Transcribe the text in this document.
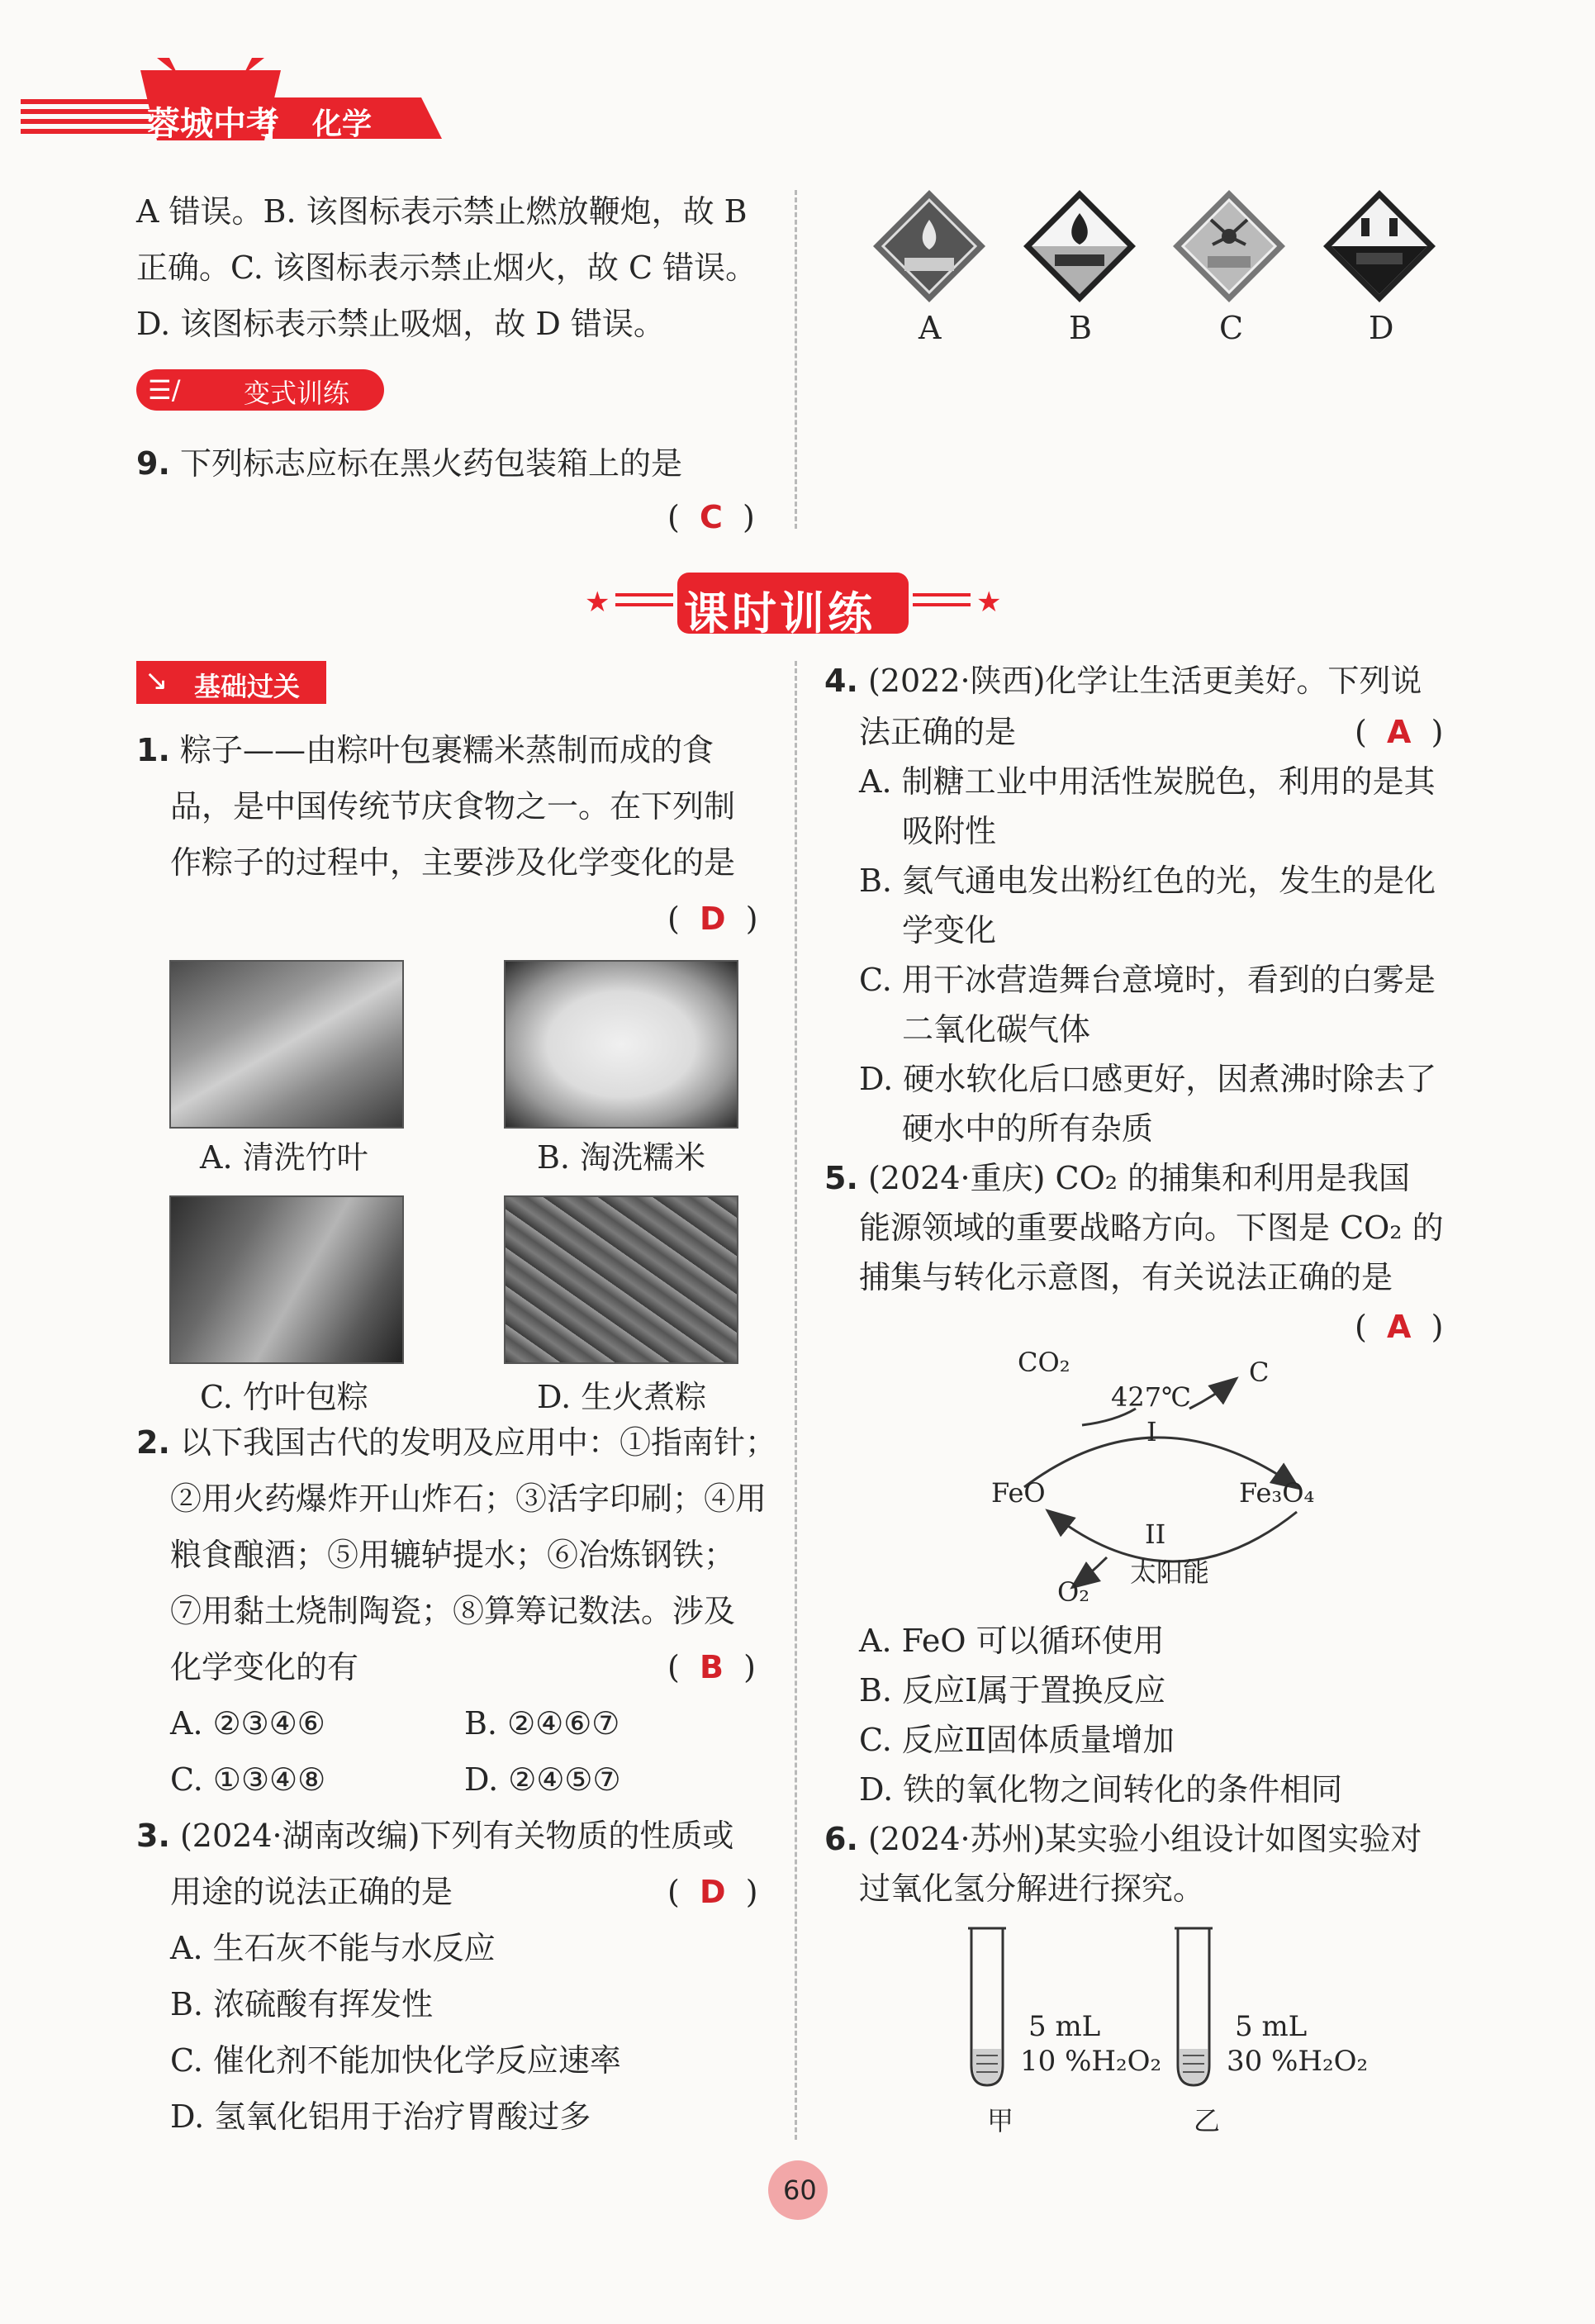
蓉城中考 化学
A 错误。B. 该图标表示禁止燃放鞭炮，故 B
正确。C. 该图标表示禁止烟火，故 C 错误。
D. 该图标表示禁止吸烟，故 D 错误。
☰/ 变式训练
9. 下列标志应标在黑火药包装箱上的是
(  C  )
A	B	C	D
★	★
课时训练
↘ 基础过关
1. 粽子——由粽叶包裹糯米蒸制而成的食
品，是中国传统节庆食物之一。在下列制
作粽子的过程中，主要涉及化学变化的是
(  D  )
A. 清洗竹叶	B. 淘洗糯米
C. 竹叶包粽	D. 生火煮粽
2. 以下我国古代的发明及应用中：①指南针；
②用火药爆炸开山炸石；③活字印刷；④用
粮食酿酒；⑤用辘轳提水；⑥冶炼钢铁；
⑦用黏土烧制陶瓷；⑧算筹记数法。涉及
化学变化的有	(  B  )
A. ②③④⑥	B. ②④⑥⑦
C. ①③④⑧	D. ②④⑤⑦
3. (2024·湖南改编)下列有关物质的性质或
用途的说法正确的是	(  D  )
A. 生石灰不能与水反应
B. 浓硫酸有挥发性
C. 催化剂不能加快化学反应速率
D. 氢氧化铝用于治疗胃酸过多
4. (2022·陕西)化学让生活更美好。下列说
法正确的是	(  A  )
A. 制糖工业中用活性炭脱色，利用的是其
吸附性
B. 氦气通电发出粉红色的光，发生的是化
学变化
C. 用干冰营造舞台意境时，看到的白雾是
二氧化碳气体
D. 硬水软化后口感更好，因煮沸时除去了
硬水中的所有杂质
5. (2024·重庆) CO₂ 的捕集和利用是我国
能源领域的重要战略方向。下图是 CO₂ 的
捕集与转化示意图，有关说法正确的是
(  A  )
CO₂	C
427℃
I
FeO	Fe₃O₄
II
太阳能
O₂
A. FeO 可以循环使用
B. 反应Ⅰ属于置换反应
C. 反应Ⅱ固体质量增加
D. 铁的氧化物之间转化的条件相同
6. (2024·苏州)某实验小组设计如图实验对
过氧化氢分解进行探究。
5 mL
10 %H₂O₂
甲
5 mL
30 %H₂O₂
乙
60
